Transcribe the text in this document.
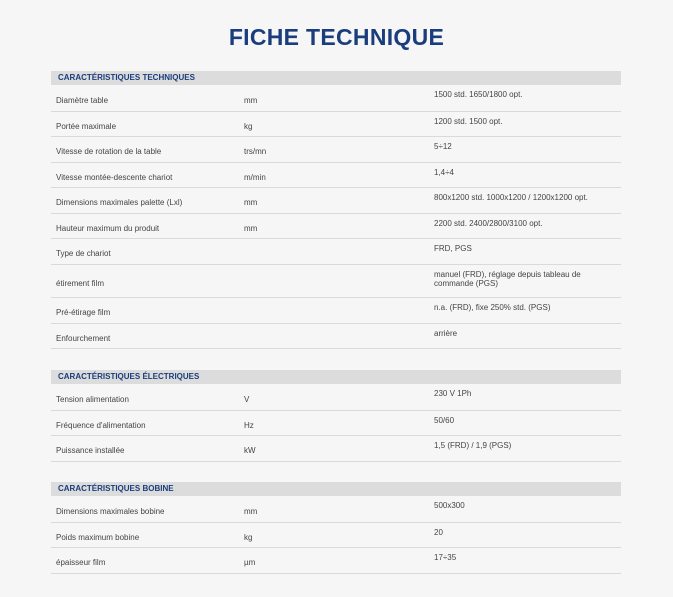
FICHE TECHNIQUE
CARACTÉRISTIQUES TECHNIQUES
Diamètre table	mm	1500 std. 1650/1800 opt.
Portée maximale	kg	1200 std. 1500 opt.
Vitesse de rotation de la table	trs/mn	5÷12
Vitesse montée-descente chariot	m/min	1,4÷4
Dimensions maximales palette (Lxl)	mm	800x1200 std. 1000x1200 / 1200x1200 opt.
Hauteur maximum du produit	mm	2200 std. 2400/2800/3100 opt.
Type de chariot		FRD, PGS
étirement film		manuel (FRD), réglage depuis tableau de commande (PGS)
Pré-étirage film		n.a. (FRD), fixe 250% std. (PGS)
Enfourchement		arrière
CARACTÉRISTIQUES ÉLECTRIQUES
Tension alimentation	V	230 V 1Ph
Fréquence d'alimentation	Hz	50/60
Puissance installée	kW	1,5 (FRD) / 1,9 (PGS)
CARACTÉRISTIQUES BOBINE
Dimensions maximales bobine	mm	500x300
Poids maximum bobine	kg	20
épaisseur film	µm	17÷35
